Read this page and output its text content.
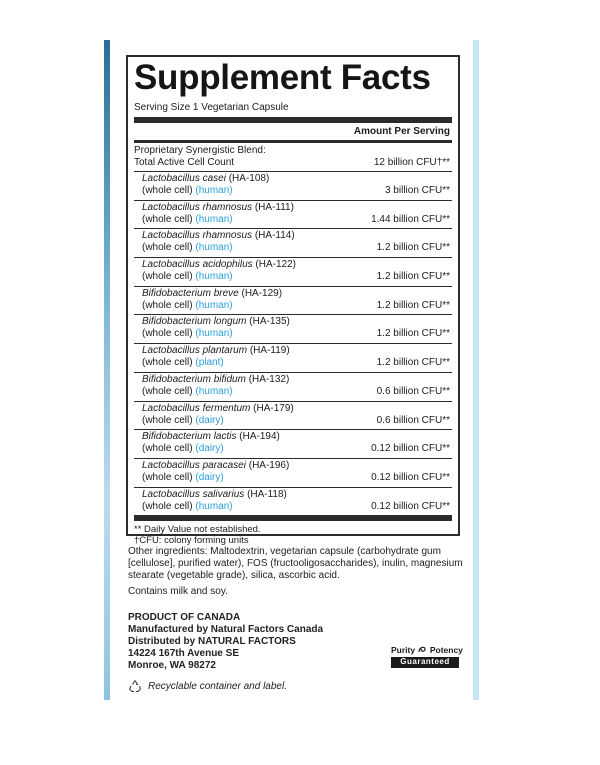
Supplement Facts
Serving Size 1 Vegetarian Capsule
Amount Per Serving
Proprietary Synergistic Blend:
Total Active Cell Count	12 billion CFU†**
Lactobacillus casei (HA-108)
(whole cell) (human)	3 billion CFU**
Lactobacillus rhamnosus (HA-111)
(whole cell) (human)	1.44 billion CFU**
Lactobacillus rhamnosus (HA-114)
(whole cell) (human)	1.2 billion CFU**
Lactobacillus acidophilus (HA-122)
(whole cell) (human)	1.2 billion CFU**
Bifidobacterium breve (HA-129)
(whole cell) (human)	1.2 billion CFU**
Bifidobacterium longum (HA-135)
(whole cell) (human)	1.2 billion CFU**
Lactobacillus plantarum (HA-119)
(whole cell) (plant)	1.2 billion CFU**
Bifidobacterium bifidum (HA-132)
(whole cell) (human)	0.6 billion CFU**
Lactobacillus fermentum (HA-179)
(whole cell) (dairy)	0.6 billion CFU**
Bifidobacterium lactis (HA-194)
(whole cell) (dairy)	0.12 billion CFU**
Lactobacillus paracasei (HA-196)
(whole cell) (dairy)	0.12 billion CFU**
Lactobacillus salivarius (HA-118)
(whole cell) (human)	0.12 billion CFU**
** Daily Value not established.
†CFU: colony forming units
Other ingredients: Maltodextrin, vegetarian capsule (carbohydrate gum [cellulose], purified water), FOS (fructooligosaccharides), inulin, magnesium stearate (vegetable grade), silica, ascorbic acid.
Contains milk and soy.
PRODUCT OF CANADA
Manufactured by Natural Factors Canada
Distributed by NATURAL FACTORS
14224 167th Avenue SE
Monroe, WA 98272
Purity Potency
Guaranteed
Recyclable container and label.
